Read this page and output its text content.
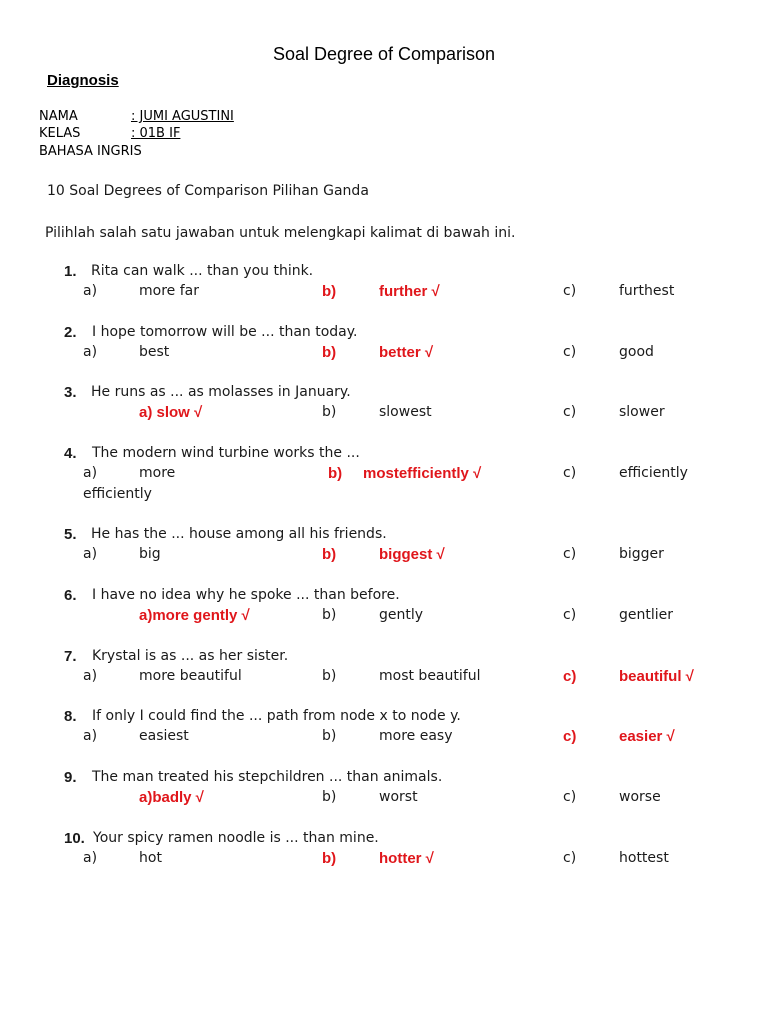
Soal Degree of Comparison
Diagnosis
NAMA	: JUMI AGUSTINI
KELAS	: 01B IF
BAHASA INGRIS
10 Soal Degrees of Comparison Pilihan Ganda
Pilihlah salah satu jawaban untuk melengkapi kalimat di bawah ini.
1. Rita can walk ... than you think.
a)	more far	b)	further √	c)	furthest
2. I hope tomorrow will be ... than today.
a)	best	b)	better √	c)	good
3. He runs as ... as molasses in January.
a) slow √	b)	slowest	c)	slower
4. The modern wind turbine works the ...
a)	more	b) mostefficiently √	c)	efficiently
efficiently
5. He has the ... house among all his friends.
a)	big	b)	biggest √	c)	bigger
6. I have no idea why he spoke ... than before.
a)more gently √	b)	gently	c)	gentlier
7. Krystal is as ... as her sister.
a)	more beautiful	b)	most beautiful	c)	beautiful √
8. If only I could find the ... path from node x to node y.
a)	easiest	b)	more easy	c)	easier √
9. The man treated his stepchildren ... than animals.
a)badly √	b)	worst	c)	worse
10. Your spicy ramen noodle is ... than mine.
a)	hot	b)	hotter √	c)	hottest
